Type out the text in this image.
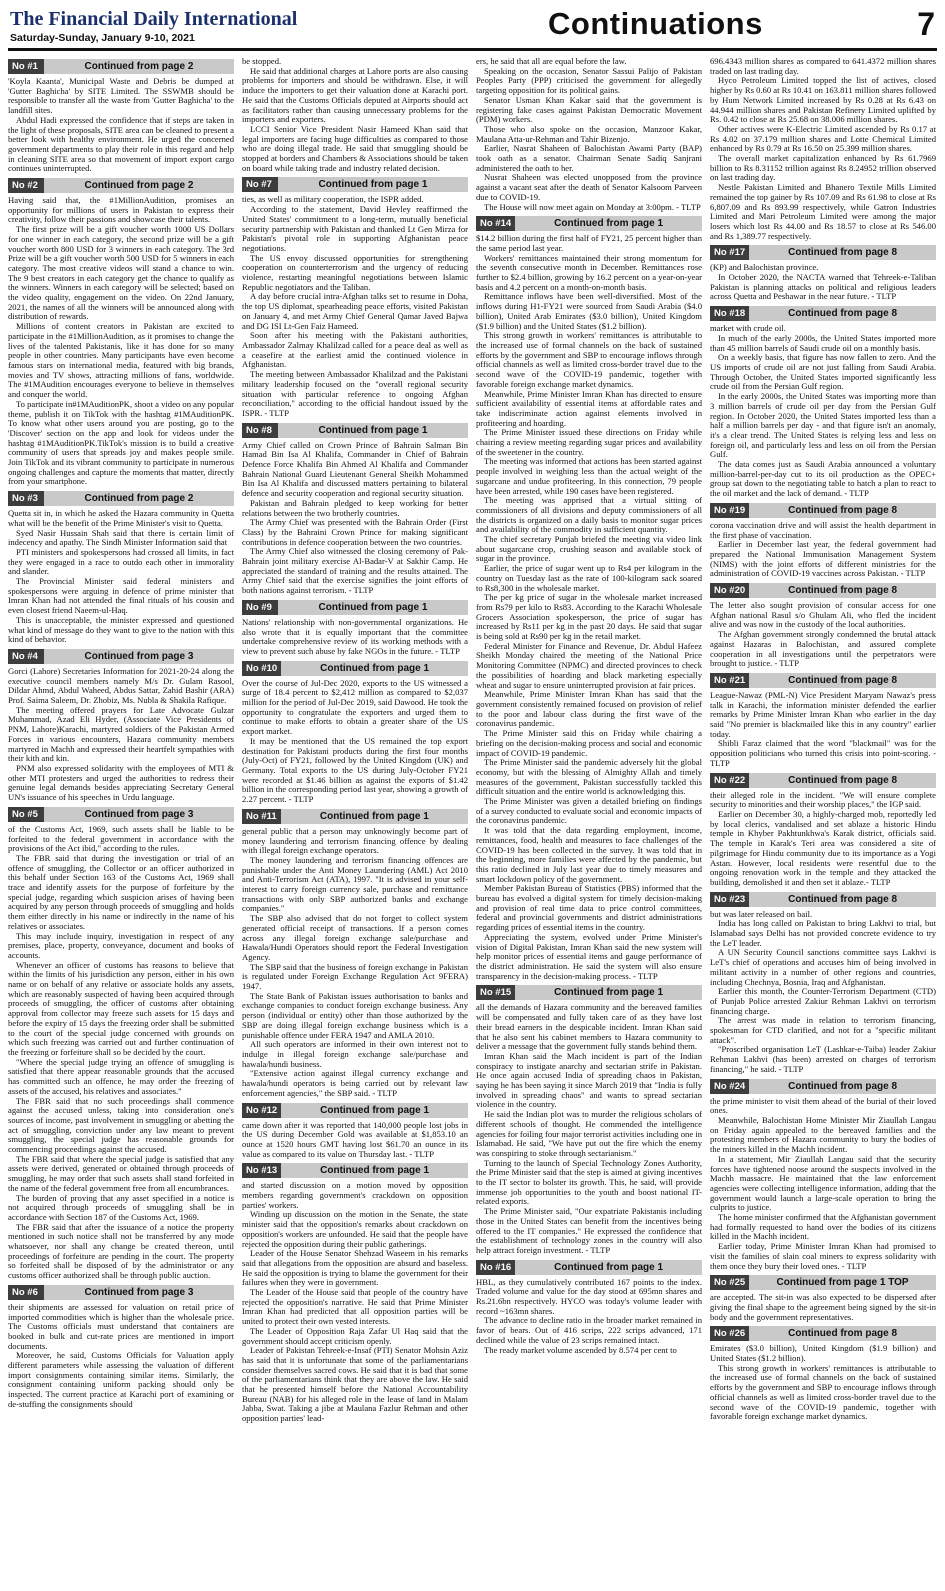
The Financial Daily International
Saturday-Sunday, January 9-10, 2021	Continuations	7
No #1	Continued from page 2

'Koyla Kaanta', Municipal Waste and Debris be dumped at 'Gutter Baghicha' by SITE Limited. The SSWMB should be responsible to transfer all the waste from 'Gutter Baghicha' to the landfill sites.

Abdul Hadi expressed the confidence that if steps are taken in the light of these proposals, SITE area can be cleaned to present a better look with healthy environment. He urged the concerned government departments to play their role in this regard and help in cleaning SITE area so that movement of import export cargo continues uninterrupted.

No #2	Continued from page 2

Having said that, the #1MillionAudition, promises an opportunity for millions of users in Pakistan to express their creativity, follow their passions and showcase their talents.

The first prize will be a gift voucher worth 1000 US Dollars for one winner in each category, the second prize will be a gift voucher worth 800 USD for 3 winners in each category. The 3rd Prize will be a gift voucher worth 500 USD for 5 winners in each category. The most creative videos will stand a chance to win. The 9 best creators in each category get the chance to qualify as the winners. Winners in each category will be selected; based on the video quality, engagement on the video. On 22nd January, 2021, the names of all the winners will be announced along with distribution of rewards.

Millions of content creators in Pakistan are excited to participate in the #1MillionAudition, as it promises to change the lives of the talented Pakistanis, like it has done for so many people in other countries. Many participants have even become famous stars on international media, featured with big brands, movies and TV shows, attracting millions of fans, worldwide. The #1MAudition encourages everyone to believe in themselves and conquer the world.

To participate in#1MAuditionPK, shoot a video on any popular theme, publish it on TikTok with the hashtag #1MAuditionPK. To know what other users around you are posting, go to the 'Discover' section on the app and look for videos under the hashtag #1MAuditionPK.TikTok's mission is to build a creative community of users that spreads joy and makes people smile. Join TikTok and its vibrant community to participate in numerous ongoing challenges and capture the moments that matter, directly from your smartphone.

No #3	Continued from page 2

Quetta sit in, in which he asked the Hazara community in Quetta what will be the benefit of the Prime Minister's visit to Quetta.

Syed Nasir Hussain Shah said that there is certain limit of indecency and apathy. The Sindh Minister Information said that

PTI ministers and spokespersons had crossed all limits, in fact they were engaged in a race to outdo each other in immorality and slander.

The Provincial Minister said federal ministers and spokespersons were arguing in defence of prime minister that Imran Khan had not attended the final rituals of his cousin and even closest friend Naeem-ul-Haq.

This is unacceptable, the minister expressed and questioned what kind of message do they want to give to the nation with this kind of behavior.

No #4	Continued from page 3

Gorci (Lahore) Secretaries Information for 2021-20-24 along the executive council members namely M/s Dr. Gulam Rasool, Dildar Ahmd, Abdul Waheed, Abdus Sattar, Zahid Bashir (ARA) Prof. Saima Saleem, Dr. Zhobiz, Ms. Nubla & Shakila Rafique.

The meeting offered prayers for Late Advocate Gulzar Muhammad, Azad Eli Hyder, (Associate Vice Presidents of PNM, Lahore)Karachi, martyred soldiers of the Pakistan Armed Forces in various encounters, Hazara community members martyred in Machh and expressed their heartfelt sympathies with their kith and kin.

PNM also expressed solidarity with the employees of MTI & other MTI protesters and urged the authorities to redress their genuine legal demands besides appreciating Secretary General UN's issuance of his speeches in Urdu language.

No #5	Continued from page 3

of the Customs Act, 1969, such assets shall be liable to be forfeited to the federal government in accordance with the provisions of the Act ibid," according to the rules.

The FBR said that during the investigation or trial of an offence of smuggling, the Collector or an officer authorized in this behalf under Section 163 of the Customs Act, 1969 shall trace and identify assets for the purpose of forfeiture by the special judge, regarding which suspicion arises of having been acquired by any person through proceeds of smuggling and holds them either directly in his name or indirectly in the name of his relatives or associates.

This may include inquiry, investigation in respect of any premises, place, property, conveyance, document and books of accounts.

Whenever an officer of customs has reasons to believe that within the limits of his jurisdiction any person, either in his own name or on behalf of any relative or associate holds any assets, which are reasonably suspected of having been acquired through proceeds of smuggling, the officer of customs after obtaining approval from collector may freeze such assets for 15 days and before the expiry of 15 days the freezing order shall be submitted to the court of the special judge concerned with grounds on which such freezing was carried out and further continuation of the freezing or forfeiture shall so be decided by the court.

"Where the special judge trying an offence of smuggling is satisfied that there appear reasonable grounds that the accused has committed such an offence, he may order the freezing of assets of the accused, his relatives and associates."

The FBR said that no such proceedings shall commence against the accused unless, taking into consideration one's sources of income, past involvement in smuggling or abetting the act of smuggling, conviction under any law meant to prevent smuggling, the special judge has reasonable grounds for commencing proceedings against the accused.

The FBR said that where the special judge is satisfied that any assets were derived, generated or obtained through proceeds of smuggling, he may order that such assets shall stand forfeited in the name of the federal government free from all encumbrances.

The burden of proving that any asset specified in a notice is not acquired through proceeds of smuggling shall be in accordance with Section 187 of the Customs Act, 1969.

The FBR said that after the issuance of a notice the property mentioned in such notice shall not be transferred by any mode whatsoever, nor shall any change be created thereon, until proceedings of forfeiture are pending in the court. The property so forfeited shall be disposed of by the administrator or any customs officer authorized shall be through public auction.

No #6	Continued from page 3

their shipments are assessed for valuation on retail price of imported commodities which is higher than the wholesale price. The Customs officials must understand that containers are booked in bulk and cut-rate prices are mentioned in import documents.

Moreover, he said, Customs Officials for Valuation apply different parameters while assessing the valuation of different import consignments containing similar items. Similarly, the consignment containing uniform packing should only be inspected. The current practice at Karachi port of examining or de-stuffing the consignments should

be stopped.

He said that additional charges at Lahore ports are also causing problems for importers and should be withdrawn. Else, it will induce the importers to get their valuation done at Karachi port. He said that the Customs Officials deputed at Airports should act as facilitators rather than causing unnecessary problems for the importers and exporters.

LCCI Senior Vice President Nasir Hameed Khan said that legal importers are facing huge difficulties as compared to those who are doing illegal trade. He said that smuggling should be stopped at borders and Chambers & Associations should be taken on board while taking trade and industry related decision.

No #7	Continued from page 1

ties, as well as military cooperation, the ISPR added.

According to the statement, David Hevley reaffirmed the United States' commitment to a long-term, mutually beneficial security partnership with Pakistan and thanked Lt Gen Mirza for Pakistan's pivotal role in supporting Afghanistan peace negotiations.

The US envoy discussed opportunities for strengthening cooperation on counterterrorism and the urgency of reducing violence, restarting meaningful negotiations between Islamic Republic negotiators and the Taliban.

A day before crucial intra-Afghan talks set to resume in Doha, the top US diplomat, spearheading peace efforts, visited Pakistan on January 4, and met Army Chief General Qamar Javed Bajwa and DG ISI Lt-Gen Faiz Hameed.

Soon after his meeting with the Pakistani authorities, Ambassador Zalmay Khalilzad called for a peace deal as well as a ceasefire at the earliest amid the continued violence in Afghanistan.

The meeting between Ambassador Khalilzad and the Pakistani military leadership focused on the "overall regional security situation with particular reference to ongoing Afghan reconciliation," according to the official handout issued by the ISPR. - TLTP

No #8	Continued from page 1

Army Chief called on Crown Prince of Bahrain Salman Bin Hamad Bin Isa Al Khalifa, Commander in Chief of Bahrain Defence Force Khalifa Bin Ahmed Al Khalifa and Commander Bahrain National Guard Lieutenant General Sheikh Mohammed Bin Isa Al Khalifa and discussed matters pertaining to bilateral defence and security cooperation and regional security situation.

Pakistan and Bahrain pledged to keep working for better relations between the two brotherly countries.

The Army Chief was presented with the Bahrain Order (First Class) by the Bahraini Crown Prince for making significant contributions in defence cooperation between the two countries.

The Army Chief also witnessed the closing ceremony of Pak-Bahrain joint military exercise Al-Badar-V at Sakhir Camp. He appreciated the standard of training and the results attained. The Army Chief said that the exercise signifies the joint efforts of both nations against terrorism. - TLTP

No #9	Continued from page 1

Nations' relationship with non-governmental organizations. He also wrote that it is equally important that the committee undertake comprehensive review of its working methods with a view to prevent such abuse by fake NGOs in the future. - TLTP

No #10	Continued from page 1

Over the course of Jul-Dec 2020, exports to the US witnessed a surge of 18.4 percent to $2,412 million as compared to $2,037 million for the period of Jul-Dec 2019, said Dawood. He took the opportunity to congratulate the exporters and urged them to continue to make efforts to obtain a greater share of the US export market.

It may be mentioned that the US remained the top export destination for Pakistani products during the first four months (July-Oct) of FY21, followed by the United Kingdom (UK) and Germany. Total exports to the US during July-October FY21 were recorded at $1.46 billion as against the exports of $1.42 billion in the corresponding period last year, showing a growth of 2.27 percent. - TLTP

No #11	Continued from page 1

general public that a person may unknowingly become part of money laundering and terrorism financing offence by dealing with illegal foreign exchange operators.

The money laundering and terrorism financing offences are punishable under the Anti Money Laundering (AML) Act 2010 and Anti-Terrorism Act (ATA), 1997. "It is advised in your self-interest to carry foreign currency sale, purchase and remittance transactions with only SBP authorized banks and exchange companies."

The SBP also advised that do not forget to collect system generated official receipt of transactions. If a person comes across any illegal foreign exchange sale/purchase and Hawala/Hundi Operators should report the Federal Investigation Agency.

The SBP said that the business of foreign exchange in Pakistan is regulated under Foreign Exchange Regulation Act 9FERA) 1947.

The State Bank of Pakistan issues authorisation to banks and exchange companies to conduct foreign exchange business. Any person (individual or entity) other than those authorized by the SBP are doing illegal foreign exchange business which is a punishable offence under FERA 1947 and AMLA 2010.

All such operators are informed in their own interest not to indulge in illegal foreign exchange sale/purchase and hawala/hundi business.

"Extensive action against illegal currency exchange and hawala/hundi operators is being carried out by relevant law enforcement agencies," the SBP said. - TLTP

No #12	Continued from page 1

came down after it was reported that 140,000 people lost jobs in the US during December Gold was available at $1,853.10 an ounce at 1520 hours GMT having lost $61.70 an ounce in its value as compared to its value on Thursday last. - TLTP

No #13	Continued from page 1

and started discussion on a motion moved by opposition members regarding government's crackdown on opposition parties' workers.

Winding up discussion on the motion in the Senate, the state minister said that the opposition's remarks about crackdown on opposition's workers are unfounded. He said that the people have rejected the opposition during their public gatherings.

Leader of the House Senator Shehzad Waseem in his remarks said that allegations from the opposition are absurd and baseless. He said the opposition is trying to blame the government for their failures when they were in government.

The Leader of the House said that people of the country have rejected the opposition's narrative. He said that Prime Minister Imran Khan had predicted that all opposition parties will be united to protect their own vested interests.

The Leader of Opposition Raja Zafar Ul Haq said that the government should accept criticism openly.

Leader of Pakistan Tehreek-e-Insaf (PTI) Senator Mohsin Aziz has said that it is unfortunate that some of the parliamentarians consider themselves sacred cows. He said that it is bad that some of the parliamentarians think that they are above the law. He said that he presented himself before the National Accountability Bureau (NAB) for his alleged role in the lease of land in Malam Jabba, Swat. Taking a jibe at Maulana Fazlur Rehman and other opposition parties' lead-

ers, he said that all are equal before the law.

Speaking on the occasion, Senator Sassui Palijo of Pakistan Peoples Party (PPP) criticised the government for allegedly targeting opposition for its political gains.

Senator Usman Khan Kakar said that the government is registering fake cases against Pakistan Democratic Movement (PDM) workers.

Those who also spoke on the occasion, Manzoor Kakar, Maulana Atta-ur-Rehman and Tahir Bizenjo.

Earlier, Nasrat Shaheen of Balochistan Awami Party (BAP) took oath as a senator. Chairman Senate Sadiq Sanjrani administered the oath to her.

Nusrat Shaheen was elected unopposed from the province against a vacant seat after the death of Senator Kalsoom Parveen due to COVID-19.

The House will now meet again on Monday at 3:00pm. - TLTP

No #14	Continued from page 1

$14.2 billion during the first half of FY21, 25 percent higher than the same period last year.

Workers' remittances maintained their strong momentum for the seventh consecutive month in December. Remittances rose further to $2.4 billion, growing by 16.2 percent on a year-on-year basis and 4.2 percent on a month-on-month basis.

Remittance inflows have been well-diversified. Most of the inflows during H1-FY21 were sourced from Saudi Arabia ($4.0 billion), United Arab Emirates ($3.0 billion), United Kingdom ($1.9 billion) and the United States ($1.2 billion).

This strong growth in workers' remittances is attributable to the increased use of formal channels on the back of sustained efforts by the government and SBP to encourage inflows through official channels as well as limited cross-border travel due to the second wave of the COVID-19 pandemic, together with favorable foreign exchange market dynamics.

Meanwhile, Prime Minister Imran Khan has directed to ensure sufficient availability of essential items at affordable rates and take indiscriminate action against elements involved in profiteering and hoarding.

The Prime Minister issued these directions on Friday while chairing a review meeting regarding sugar prices and availability of the sweetener in the country.

The meeting was informed that actions has been started against people involved in weighing less than the actual weight of the sugarcane and undue profiteering. In this connection, 79 people have been arrested, while 190 cases have been registered.

The meeting was apprised that a virtual sitting of commissioners of all divisions and deputy commissioners of all the districts is organized on a daily basis to monitor sugar prices and availability of the commodity in sufficient quantity.

The chief secretary Punjab briefed the meeting via video link about sugarcane crop, crushing season and available stock of sugar in the province.

Earlier, the price of sugar went up to Rs4 per kilogram in the country on Tuesday last as the rate of 100-kilogram sack soared to Rs8,300 in the wholesale market.

The per kg price of sugar in the wholesale market increased from Rs79 per kilo to Rs83. According to the Karachi Wholesale Grocers Association spokesperson, the price of sugar has increased by Rs11 per kg in the past 20 days. He said that sugar is being sold at Rs90 per kg in the retail market.

Federal Minister for Finance and Revenue, Dr. Abdul Hafeez Sheikh Monday chaired the meeting of the National Price Monitoring Committee (NPMC) and directed provinces to check the possibilities of hoarding and black marketing especially wheat and sugar to ensure uninterrupted provision at fair prices.

Meanwhile, Prime Minister Imran Khan has said that the government consistently remained focused on provision of relief to the poor and labour class during the first wave of the coronavirus pandemic.

The Prime Minister said this on Friday while chairing a briefing on the decision-making process and social and economic impact of COVID-19 pandemic.

The Prime Minister said the pandemic adversely hit the global economy, but with the blessing of Almighty Allah and timely measures of the government, Pakistan successfully tackled this difficult situation and the entire world is acknowledging this.

The Prime Minister was given a detailed briefing on findings of a survey conducted to evaluate social and economic impacts of the coronavirus pandemic.

It was told that the data regarding employment, income, remittances, food, health and measures to face challenges of the COVID-19 has been collected in the survey. It was told that in the beginning, more families were affected by the pandemic, but this ratio declined in July last year due to timely measures and smart lockdown policy of the government.

Member Pakistan Bureau of Statistics (PBS) informed that the bureau has evolved a digital system for timely decision-making and provision of real time data to price control committees, federal and provincial governments and district administrations regarding prices of essential items in the country.

Appreciating the system, evolved under Prime Minister's vision of Digital Pakistan, Imran Khan said the new system will help monitor prices of essential items and gauge performance of the district administration. He said the system will also ensure transparency in the decision-making process. - TLTP

No #15	Continued from page 1

all the demands of Hazara community and the bereaved families will be compensated and fully taken care of as they have lost their bread earners in the despicable incident. Imran Khan said that he also sent his cabinet members to Hazara community to deliver a message that the government fully stands behind them.

Imran Khan said the Mach incident is part of the Indian conspiracy to instigate anarchy and sectarian strife in Pakistan. He once again accused India of spreading chaos in Pakistan, saying he has been saying it since March 2019 that "India is fully involved in spreading chaos" and wants to spread sectarian violence in the country.

He said the Indian plot was to murder the religious scholars of different schools of thought. He commended the intelligence agencies for foiling four major terrorist activities including one in Islamabad. He said, "We have put out the fire which the enemy was conspiring to stoke through sectarianism."

Turning to the launch of Special Technology Zones Authority, the Prime Minister said that the step is aimed at giving incentives to the IT sector to bolster its growth. This, he said, will provide immense job opportunities to the youth and boost national IT-related exports.

The Prime Minister said, "Our expatriate Pakistanis including those in the United States can benefit from the incentives being offered to the IT companies." He expressed the confidence that the establishment of technology zones in the country will also help attract foreign investment. - TLTP

No #16	Continued from page 1

HBL, as they cumulatively contributed 167 points to the index. Traded volume and value for the day stood at 695mn shares and Rs.21.6bn respectively. HYCO was today's volume leader with record ~163mn shares.

The advance to decline ratio in the broader market remained in favor of bears. Out of 416 scrips, 222 scrips advanced, 171 declined while the value of 23 scrips remained intact.

The ready market volume ascended by 8.574 per cent to

696.4343 million shares as compared to 641.4372 million shares traded on last trading day.

Hyco Petroleum Limited topped the list of actives, closed higher by Rs 0.60 at Rs 10.41 on 163.811 million shares followed by Hum Network Limited increased by Rs 0.28 at Rs 6.43 on 44.944 million shares and Pakistan Refinery Limited uplifted by Rs. 0.42 to close at Rs 25.68 on 38.006 million shares.

Other actives were K-Electric Limited ascended by Rs 0.17 at Rs 4.02 on 37.179 million shares and Lotte Chemical Limited enhanced by Rs 0.79 at Rs 16.50 on 25.399 million shares.

The overall market capitalization enhanced by Rs 61.7969 billion to Rs 8.31152 trillion against Rs 8.24952 trillion observed on last trading day.

Nestle Pakistan Limited and Bhanero Textile Mills Limited remained the top gainer by Rs 107.09 and Rs 61.98 to close at Rs 6,807.09 and Rs 893.99 respectively, while Gatron Industries Limited and Mari Petroleum Limited were among the major losers which lost Rs 44.00 and Rs 18.57 to close at Rs 546.00 and Rs 1,389.77 respectively.

No #17	Continued from page 8

(KP) and Balochistan province.

In October 2020, the NACTA warned that Tehreek-e-Taliban Pakistan is planning attacks on political and religious leaders across Quetta and Peshawar in the near future. - TLTP

No #18	Continued from page 8

market with crude oil.

In much of the early 2000s, the United States imported more than 45 million barrels of Saudi crude oil on a monthly basis.

On a weekly basis, that figure has now fallen to zero. And the US imports of crude oil are not just falling from Saudi Arabia. Through October, the United States imported significantly less crude oil from the Persian Gulf region.

In the early 2000s, the United States was importing more than 3 million barrels of crude oil per day from the Persian Gulf region. In October 2020, the United States imported less than a half a million barrels per day - and that figure isn't an anomaly, it's a clear trend. The United States is relying less and less on foreign oil, and particularly less and less on oil from the Persian Gulf.

The data comes just as Saudi Arabia announced a voluntary million-barrel-per-day cut to its oil production as the OPEC+ group sat down to the negotiating table to hatch a plan to react to the oil market and the lack of demand. - TLTP

No #19	Continued from page 8

corona vaccination drive and will assist the health department in the first phase of vaccination.

Earlier in December last year, the federal government had prepared the National Immunisation Management System (NIMS) with the joint efforts of different ministries for the administration of COVID-19 vaccines across Pakistan. - TLTP

No #20	Continued from page 8

The letter also sought provision of consular access for one Afghan national Rasul s/o Ghulam Ali, who fled the incident alive and was now in the custody of the local authorities.

The Afghan government strongly condemned the brutal attack against Hazaras in Balochistan, and assured complete cooperation in all investigations until the perpetrators were brought to justice. - TLTP

No #21	Continued from page 8

League-Nawaz (PML-N) Vice President Maryam Nawaz's press talk in Karachi, the information minister defended the earlier remarks by Prime Minister Imran Khan who earlier in the day said "No premier is blackmailed like this in any country" earlier today.

Shibli Faraz claimed that the word "blackmail" was for the opposition politicians who turned this crisis into point-scoring. - TLTP

No #22	Continued from page 8

their alleged role in the incident. "We will ensure complete security to minorities and their worship places," the IGP said.

Earlier on December 30, a highly-charged mob, reportedly led by local clerics, vandalised and set ablaze a historic Hindu temple in Khyber Pakhtunkhwa's Karak district, officials said. The temple in Karak's Teri area was considered a site of pilgrimage for Hindu community due to its importance as a Yogi Astan. However, local residents were resentful due to the ongoing renovation work in the temple and they attacked the building, demolished it and then set it ablaze.- TLTP

No #23	Continued from page 8

but was later released on bail.

India has long called on Pakistan to bring Lakhvi to trial, but Islamabad says Delhi has not provided concrete evidence to try the LeT leader.

A UN Security Council sanctions committee says Lakhvi is LeT's chief of operations and accuses him of being involved in militant activity in a number of other regions and countries, including Chechnya, Bosnia, Iraq and Afghanistan.

Earlier this month, the Counter-Terrorism Department (CTD) of Punjab Police arrested Zakiur Rehman Lakhvi on terrorism financing charge.

The arrest was made in relation to terrorism financing, spokesman for CTD clarified, and not for a "specific militant attack".

"Proscribed organisation LeT (Lashkar-e-Taiba) leader Zakiur Rehman Lakhvi (has been) arrested on charges of terrorism financing," he said. - TLTP

No #24	Continued from page 8

the prime minister to visit them ahead of the burial of their loved ones.

Meanwhile, Balochistan Home Minister Mir Ziaullah Langau on Friday again appealed to the bereaved families and the protesting members of Hazara community to bury the bodies of the miners killed in the Machh incident.

In a statement, Mir Ziaullah Langau said that the security forces have tightened noose around the suspects involved in the Machh massacre. He maintained that the law enforcement agencies were collecting intelligence information, adding that the government would launch a large-scale operation to bring the culprits to justice.

The home minister confirmed that the Afghanistan government had formally requested to hand over the bodies of its citizens killed in the Machh incident.

Earlier today, Prime Minister Imran Khan had promised to visit the families of slain coal miners to express solidarity with them once they bury their loved ones. - TLTP

No #25	Continued from page 1 TOP

are accepted. The sit-in was also expected to be dispersed after giving the final shape to the agreement being signed by the sit-in body and the government representatives.

No #26	Continued from page 8

Emirates ($3.0 billion), United Kingdom ($1.9 billion) and United States ($1.2 billion).

This strong growth in workers' remittances is attributable to the increased use of formal channels on the back of sustained efforts by the government and SBP to encourage inflows through official channels as well as limited cross-border travel due to the second wave of the COVID-19 pandemic, together with favorable foreign exchange market dynamics.
